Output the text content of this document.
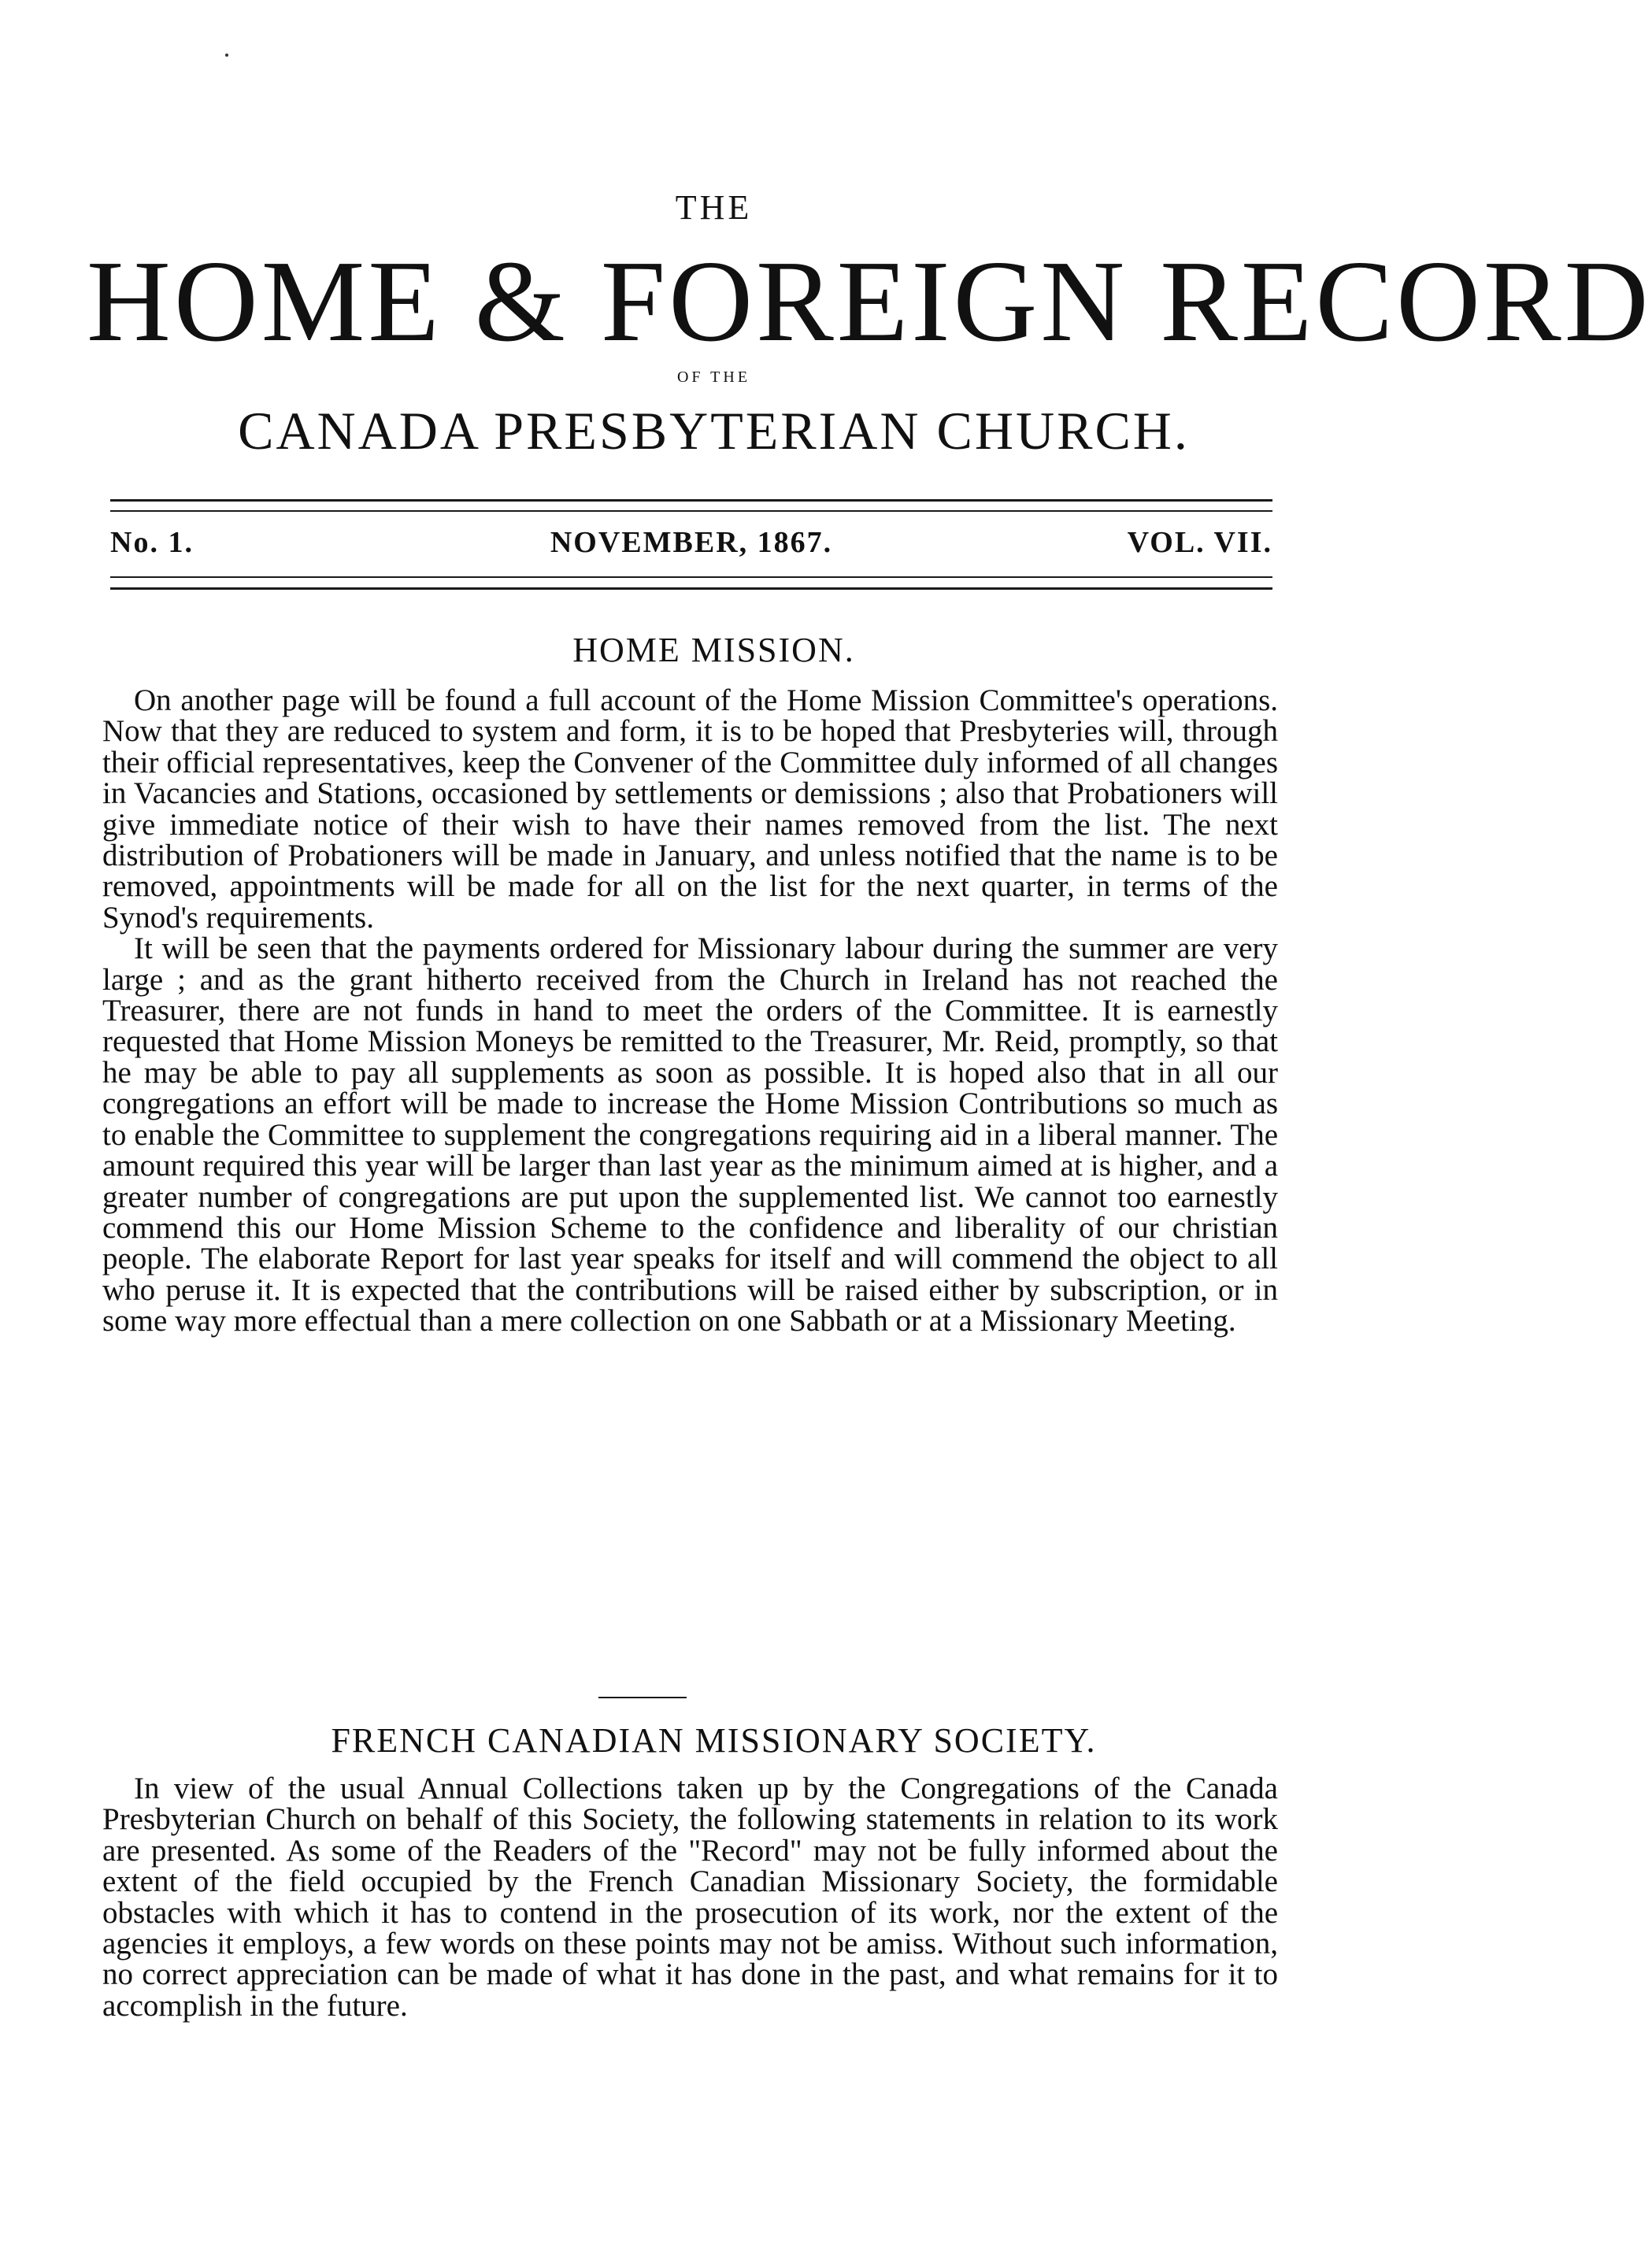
THE
HOME & FOREIGN RECORD
OF THE
CANADA PRESBYTERIAN CHURCH.
No. 1.	NOVEMBER, 1867.	VOL. VII.
HOME MISSION.

On another page will be found a full account of the Home Mission Committee's operations. Now that they are reduced to system and form, it is to be hoped that Presbyteries will, through their official representatives, keep the Convener of the Committee duly informed of all changes in Vacancies and Stations, occasioned by settlements or demissions ; also that Probationers will give immediate notice of their wish to have their names removed from the list. The next distribution of Probationers will be made in January, and unless notified that the name is to be removed, appointments will be made for all on the list for the next quarter, in terms of the Synod's requirements.

It will be seen that the payments ordered for Missionary labour during the summer are very large ; and as the grant hitherto received from the Church in Ireland has not reached the Treasurer, there are not funds in hand to meet the orders of the Committee. It is earnestly requested that Home Mission Moneys be remitted to the Treasurer, Mr. Reid, promptly, so that he may be able to pay all supplements as soon as possible. It is hoped also that in all our congregations an effort will be made to increase the Home Mission Contributions so much as to enable the Committee to supplement the congregations requiring aid in a liberal manner. The amount required this year will be larger than last year as the minimum aimed at is higher, and a greater number of congregations are put upon the supplemented list. We cannot too earnestly commend this our Home Mission Scheme to the confidence and liberality of our christian people. The elaborate Report for last year speaks for itself and will commend the object to all who peruse it. It is expected that the contributions will be raised either by subscription, or in some way more effectual than a mere collection on one Sabbath or at a Missionary Meeting.

FRENCH CANADIAN MISSIONARY SOCIETY.

In view of the usual Annual Collections taken up by the Congregations of the Canada Presbyterian Church on behalf of this Society, the following statements in relation to its work are presented. As some of the Readers of the "Record" may not be fully informed about the extent of the field occupied by the French Canadian Missionary Society, the formidable obstacles with which it has to contend in the prosecution of its work, nor the extent of the agencies it employs, a few words on these points may not be amiss. Without such information, no correct appreciation can be made of what it has done in the past, and what remains for it to accomplish in the future.
